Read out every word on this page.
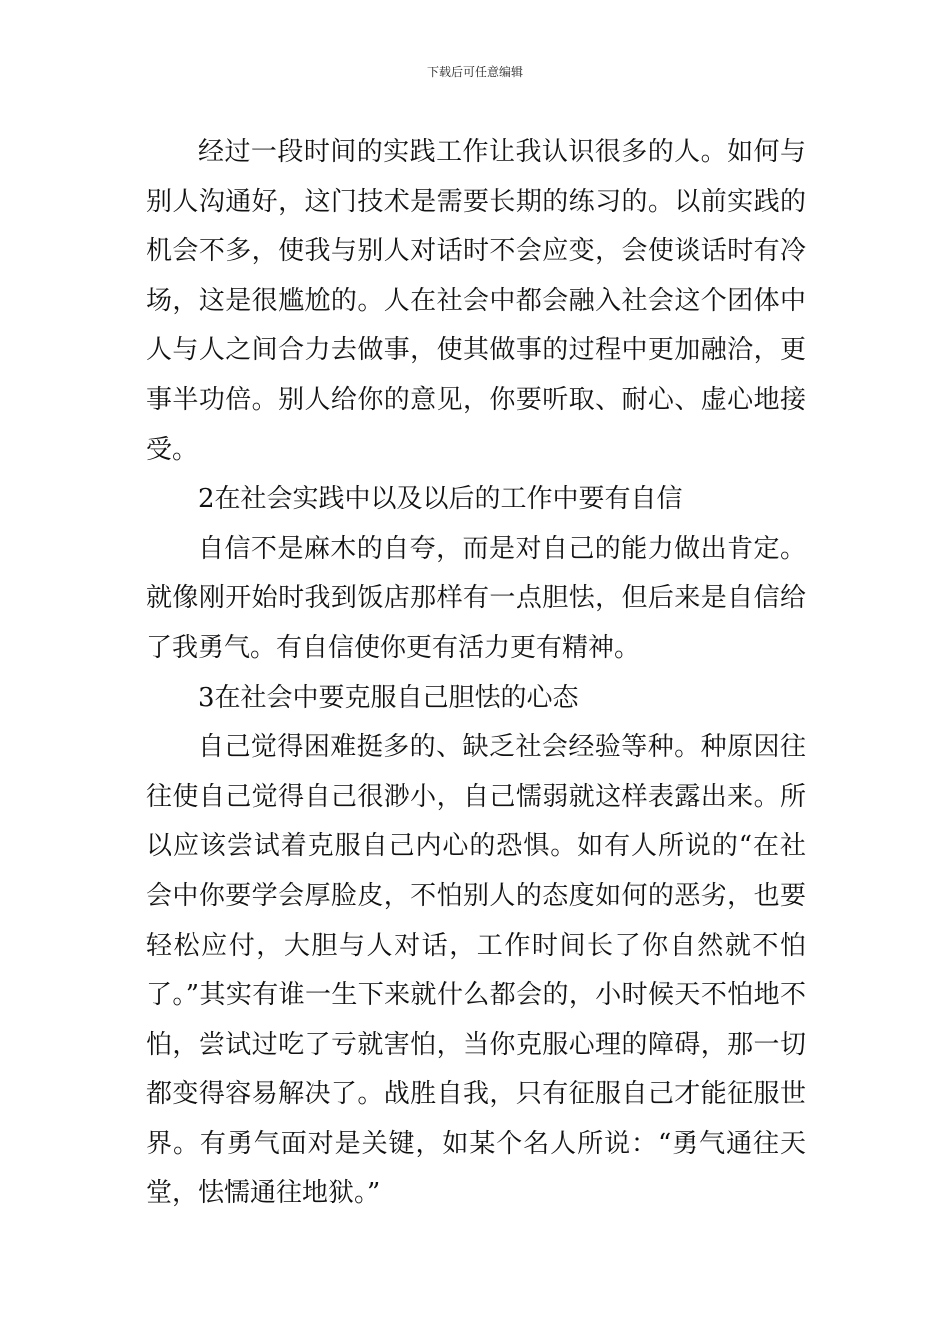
下载后可任意编辑

经过一段时间的实践工作让我认识很多的人。如何与别人沟通好，这门技术是需要长期的练习的。以前实践的机会不多，使我与别人对话时不会应变，会使谈话时有冷场，这是很尴尬的。人在社会中都会融入社会这个团体中人与人之间合力去做事，使其做事的过程中更加融洽，更事半功倍。别人给你的意见，你要听取、耐心、虚心地接受。

2在社会实践中以及以后的工作中要有自信

自信不是麻木的自夸，而是对自己的能力做出肯定。就像刚开始时我到饭店那样有一点胆怯，但后来是自信给了我勇气。有自信使你更有活力更有精神。

3在社会中要克服自己胆怯的心态

自己觉得困难挺多的、缺乏社会经验等种。种原因往往使自己觉得自己很渺小，自己懦弱就这样表露出来。所以应该尝试着克服自己内心的恐惧。如有人所说的“在社会中你要学会厚脸皮，不怕别人的态度如何的恶劣，也要轻松应付，大胆与人对话，工作时间长了你自然就不怕了。”其实有谁一生下来就什么都会的，小时候天不怕地不怕，尝试过吃了亏就害怕，当你克服心理的障碍，那一切都变得容易解决了。战胜自我，只有征服自己才能征服世界。有勇气面对是关键，如某个名人所说：“勇气通往天堂，怯懦通往地狱。”
